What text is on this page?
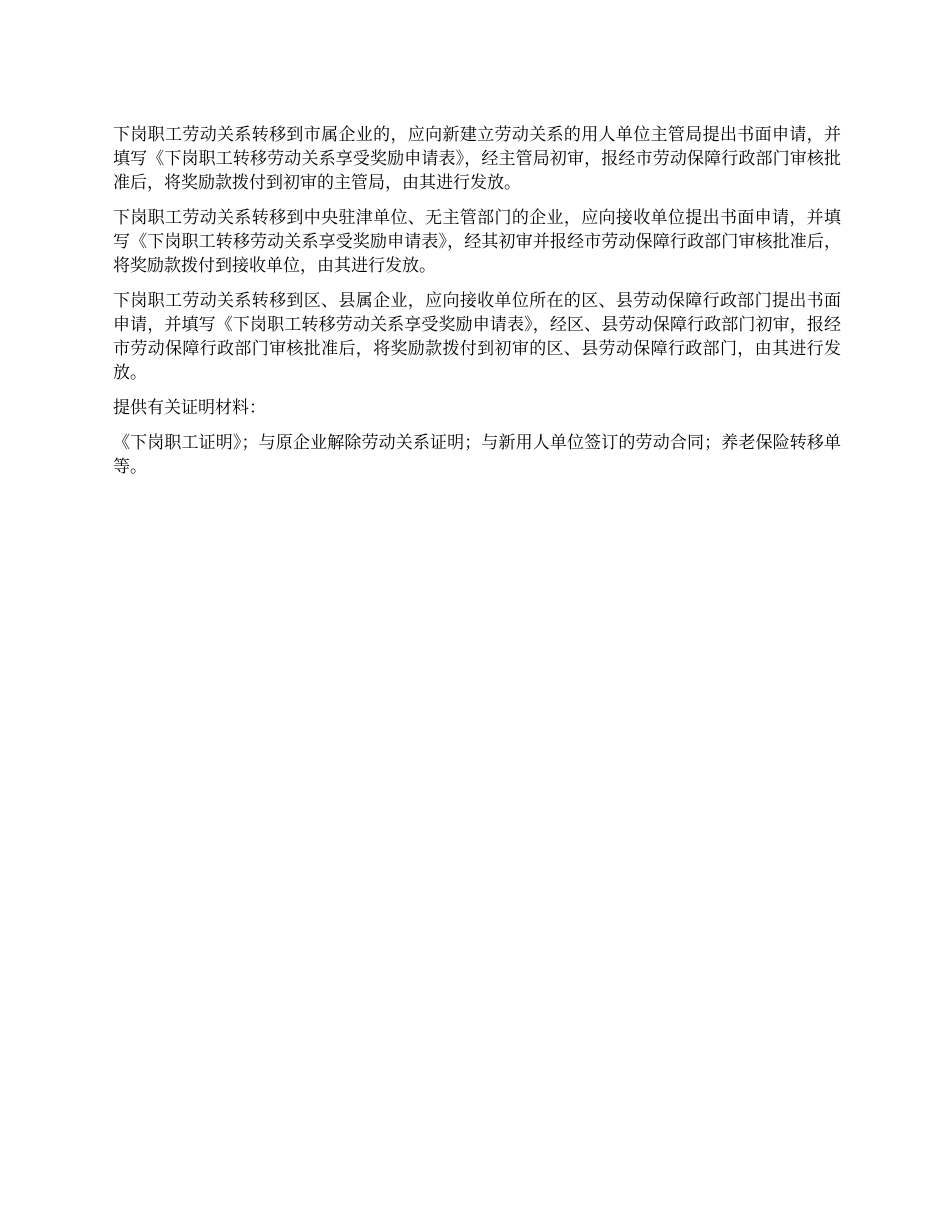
下岗职工劳动关系转移到市属企业的，应向新建立劳动关系的用人单位主管局提出书面申请，并填写《下岗职工转移劳动关系享受奖励申请表》，经主管局初审，报经市劳动保障行政部门审核批准后，将奖励款拨付到初审的主管局，由其进行发放。

下岗职工劳动关系转移到中央驻津单位、无主管部门的企业，应向接收单位提出书面申请，并填写《下岗职工转移劳动关系享受奖励申请表》，经其初审并报经市劳动保障行政部门审核批准后，将奖励款拨付到接收单位，由其进行发放。

下岗职工劳动关系转移到区、县属企业，应向接收单位所在的区、县劳动保障行政部门提出书面申请，并填写《下岗职工转移劳动关系享受奖励申请表》，经区、县劳动保障行政部门初审，报经市劳动保障行政部门审核批准后，将奖励款拨付到初审的区、县劳动保障行政部门，由其进行发放。

提供有关证明材料：

《下岗职工证明》；与原企业解除劳动关系证明；与新用人单位签订的劳动合同；养老保险转移单等。
